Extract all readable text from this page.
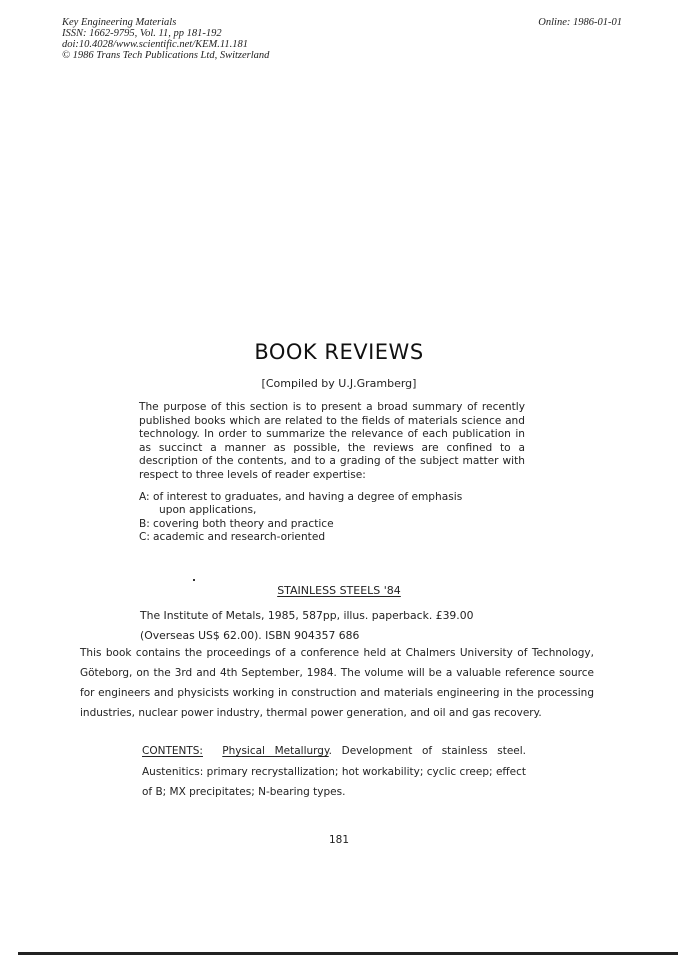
Key Engineering Materials
ISSN: 1662-9795, Vol. 11, pp 181-192
doi:10.4028/www.scientific.net/KEM.11.181
© 1986 Trans Tech Publications Ltd, Switzerland
Online: 1986-01-01
BOOK REVIEWS
[Compiled by U.J.Gramberg]
The purpose of this section is to present a broad summary of recently published books which are related to the fields of materials science and technology. In order to summarize the relevance of each publication in as succinct a manner as possible, the reviews are confined to a description of the contents, and to a grading of the subject matter with respect to three levels of reader expertise:
A: of interest to graduates, and having a degree of emphasis
upon applications,
B: covering both theory and practice
C: academic and research-oriented
STAINLESS STEELS '84
The Institute of Metals, 1985, 587pp, illus. paperback. £39.00
(Overseas US$ 62.00). ISBN 904357 686
This book contains the proceedings of a conference held at Chalmers University of Technology, Göteborg, on the 3rd and 4th September, 1984. The volume will be a valuable reference source for engineers and physicists working in construction and materials engineering in the processing industries, nuclear power industry, thermal power generation, and oil and gas recovery.
CONTENTS: Physical Metallurgy. Development of stainless steel. Austenitics: primary recrystallization; hot workability; cyclic creep; effect of B; MX precipitates; N-bearing types.
181
